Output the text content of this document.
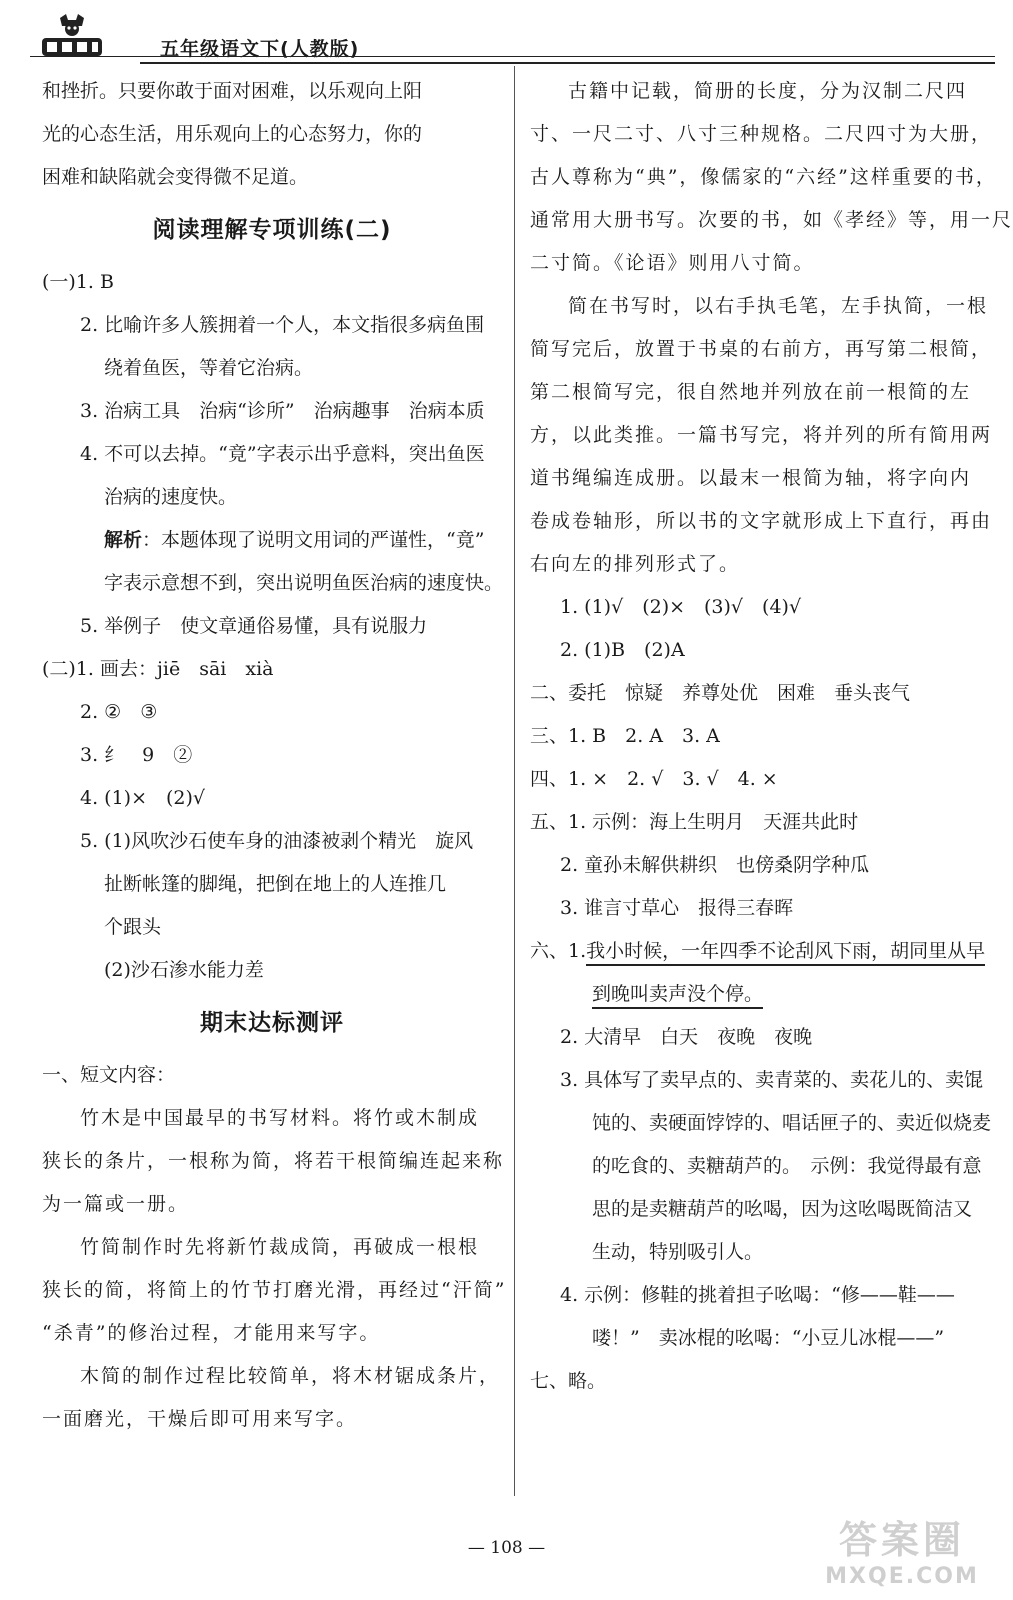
五年级语文下(人教版)
和挫折。只要你敢于面对困难，以乐观向上阳
光的心态生活，用乐观向上的心态努力，你的
困难和缺陷就会变得微不足道。
阅读理解专项训练(二)
(一)1. B
2. 比喻许多人簇拥着一个人，本文指很多病鱼围
绕着鱼医，等着它治病。
3. 治病工具　治病“诊所”　治病趣事　治病本质
4. 不可以去掉。“竟”字表示出乎意料，突出鱼医
治病的速度快。
解析：本题体现了说明文用词的严谨性，“竟”
字表示意想不到，突出说明鱼医治病的速度快。
5. 举例子　使文章通俗易懂，具有说服力
(二)1. 画去：jiē　sāi　xià
2. ②　③
3. 纟　9　②
4. (1)×　(2)√
5. (1)风吹沙石使车身的油漆被剥个精光　旋风
扯断帐篷的脚绳，把倒在地上的人连推几
个跟头
(2)沙石渗水能力差
期末达标测评
一、短文内容：
竹木是中国最早的书写材料。将竹或木制成
狭长的条片，一根称为简，将若干根简编连起来称
为一篇或一册。
竹简制作时先将新竹裁成筒，再破成一根根
狭长的简，将简上的竹节打磨光滑，再经过“汗简”
“杀青”的修治过程，才能用来写字。
木简的制作过程比较简单，将木材锯成条片，
一面磨光，干燥后即可用来写字。
古籍中记载，简册的长度，分为汉制二尺四
寸、一尺二寸、八寸三种规格。二尺四寸为大册，
古人尊称为“典”，像儒家的“六经”这样重要的书，
通常用大册书写。次要的书，如《孝经》等，用一尺
二寸简。《论语》则用八寸简。
简在书写时，以右手执毛笔，左手执简，一根
简写完后，放置于书桌的右前方，再写第二根简，
第二根简写完，很自然地并列放在前一根简的左
方，以此类推。一篇书写完，将并列的所有简用两
道书绳编连成册。以最末一根简为轴，将字向内
卷成卷轴形，所以书的文字就形成上下直行，再由
右向左的排列形式了。
1. (1)√　(2)×　(3)√　(4)√
2. (1)B　(2)A
二、委托　惊疑　养尊处优　困难　垂头丧气
三、1. B　2. A　3. A
四、1. ×　2. √　3. √　4. ×
五、1. 示例：海上生明月　天涯共此时
2. 童孙未解供耕织　也傍桑阴学种瓜
3. 谁言寸草心　报得三春晖
六、1.我小时候，一年四季不论刮风下雨，胡同里从早
到晚叫卖声没个停。
2. 大清早　白天　夜晚　夜晚
3. 具体写了卖早点的、卖青菜的、卖花儿的、卖馄
饨的、卖硬面饽饽的、唱话匣子的、卖近似烧麦
的吃食的、卖糖葫芦的。　示例：我觉得最有意
思的是卖糖葫芦的吆喝，因为这吆喝既简洁又
生动，特别吸引人。
4. 示例：修鞋的挑着担子吆喝：“修——鞋——
喽！”　卖冰棍的吆喝：“小豆儿冰棍——”
七、略。
— 108 —	答案圈
MXQE.COM
